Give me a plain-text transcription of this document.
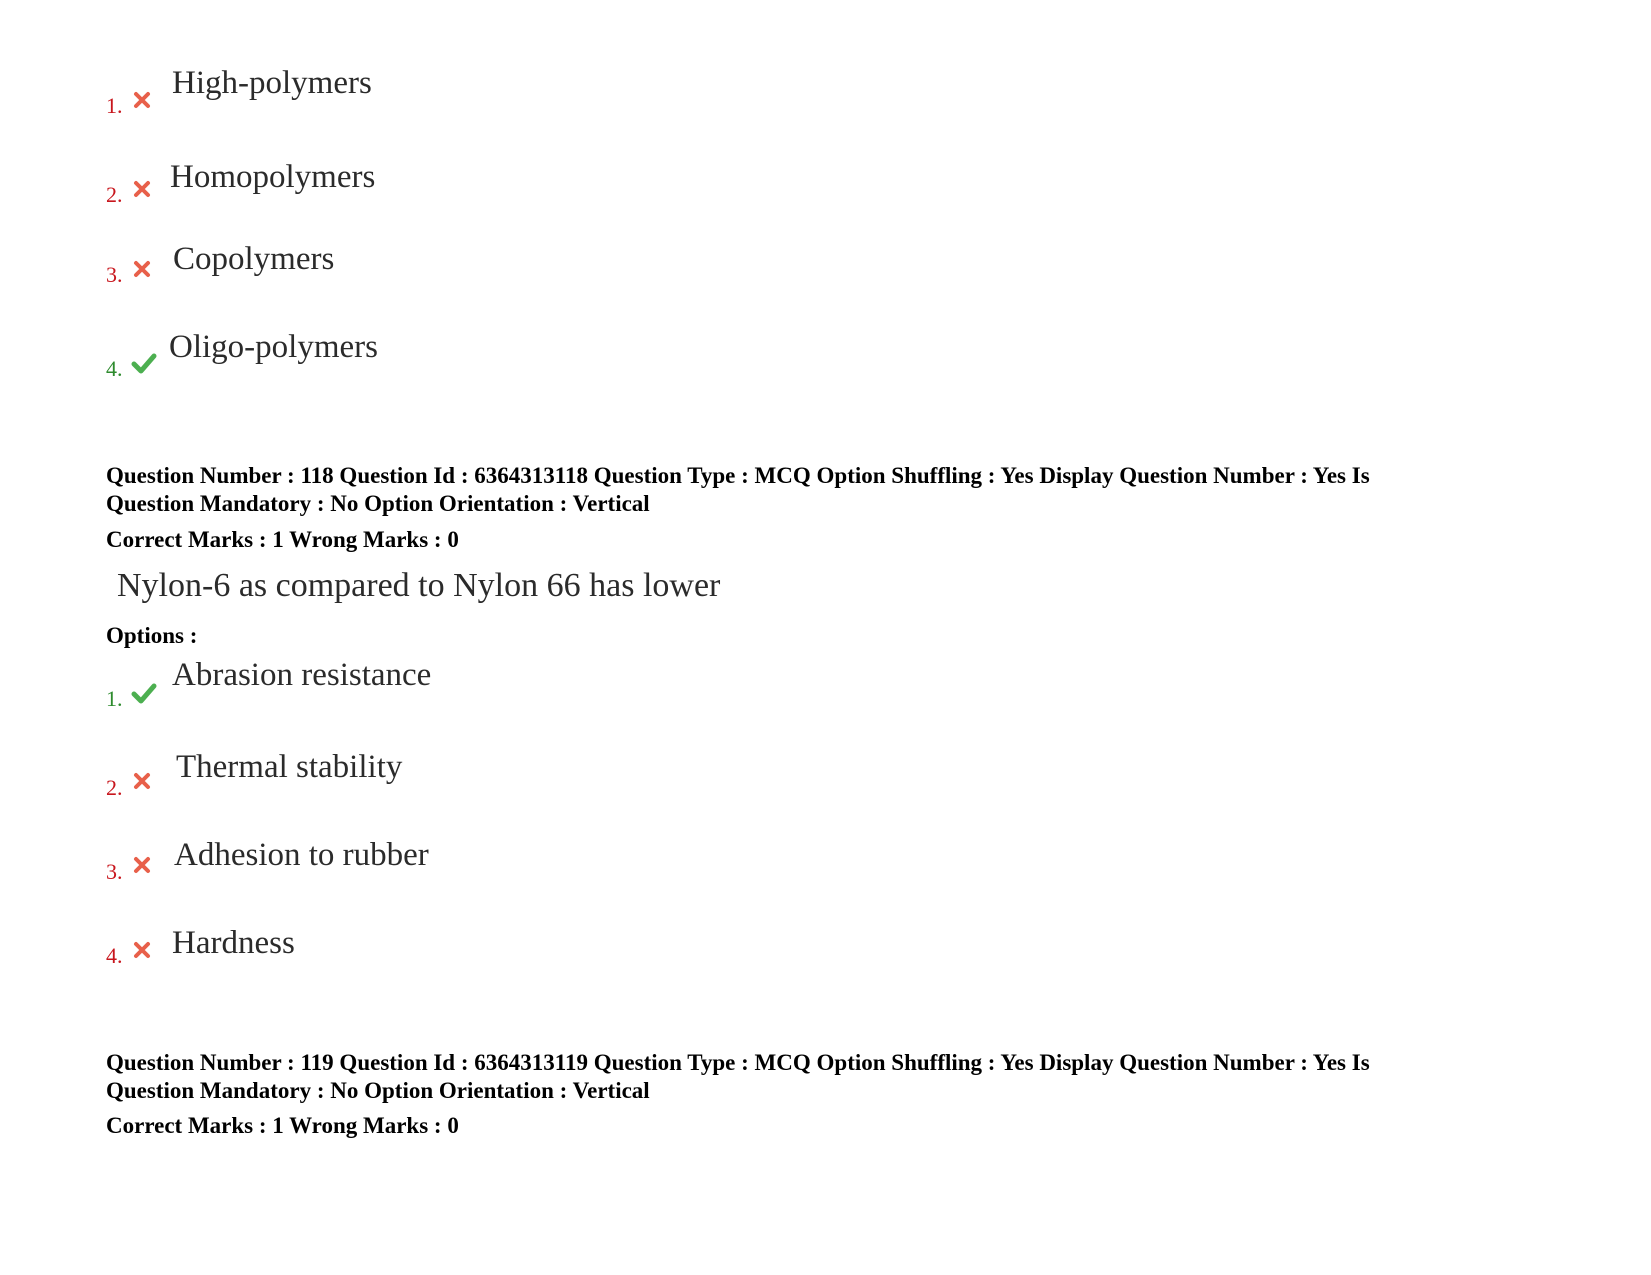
1.
High-polymers
2. Homopolymers
3. Copolymers
4.
Oligo-polymers
Question Number : 118 Question Id : 6364313118 Question Type : MCQ Option Shuffling : Yes Display Question Number : Yes Is
Question Mandatory : No Option Orientation : Vertical
Correct Marks : 1 Wrong Marks : 0
Nylon-6 as compared to Nylon 66 has lower
Options :
1.
Abrasion resistance
2.
Thermal stability
3. Adhesion to rubber
4. Hardness
Question Number : 119 Question Id : 6364313119 Question Type : MCQ Option Shuffling : Yes Display Question Number : Yes Is
Question Mandatory : No Option Orientation : Vertical
Correct Marks : 1 Wrong Marks : 0
